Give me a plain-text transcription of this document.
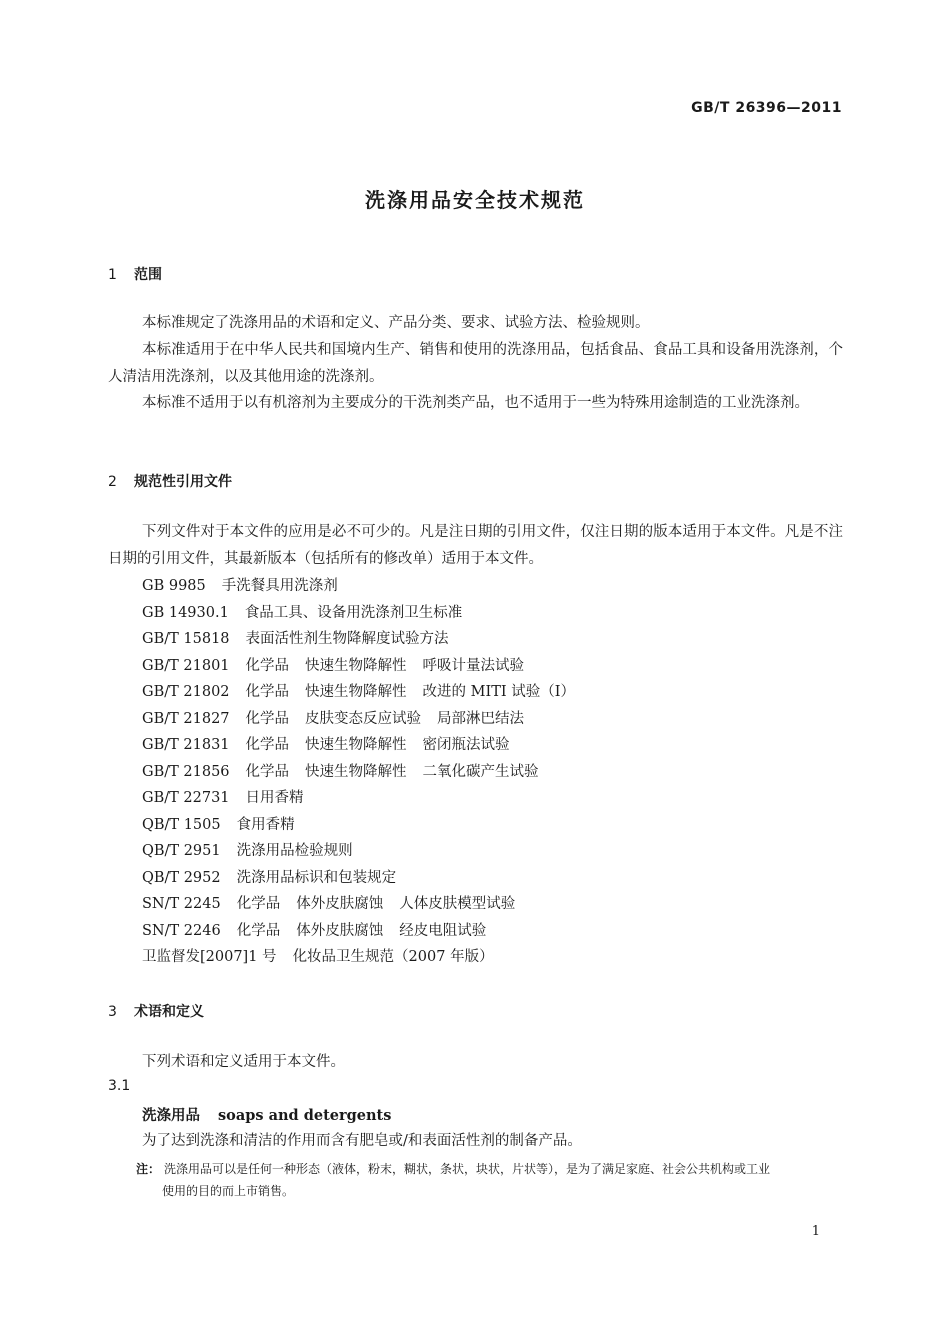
GB/T 26396—2011
洗涤用品安全技术规范
1 范围

本标准规定了洗涤用品的术语和定义、产品分类、要求、试验方法、检验规则。

本标准适用于在中华人民共和国境内生产、销售和使用的洗涤用品，包括食品、食品工具和设备用洗涤剂，个人清洁用洗涤剂，以及其他用途的洗涤剂。

本标准不适用于以有机溶剂为主要成分的干洗剂类产品，也不适用于一些为特殊用途制造的工业洗涤剂。

2 规范性引用文件

下列文件对于本文件的应用是必不可少的。凡是注日期的引用文件，仅注日期的版本适用于本文件。凡是不注日期的引用文件，其最新版本（包括所有的修改单）适用于本文件。

GB 9985 手洗餐具用洗涤剂
GB 14930.1 食品工具、设备用洗涤剂卫生标准
GB/T 15818 表面活性剂生物降解度试验方法
GB/T 21801 化学品 快速生物降解性 呼吸计量法试验
GB/T 21802 化学品 快速生物降解性 改进的 MITI 试验（I）
GB/T 21827 化学品 皮肤变态反应试验 局部淋巴结法
GB/T 21831 化学品 快速生物降解性 密闭瓶法试验
GB/T 21856 化学品 快速生物降解性 二氧化碳产生试验
GB/T 22731 日用香精
QB/T 1505 食用香精
QB/T 2951 洗涤用品检验规则
QB/T 2952 洗涤用品标识和包装规定
SN/T 2245 化学品 体外皮肤腐蚀 人体皮肤模型试验
SN/T 2246 化学品 体外皮肤腐蚀 经皮电阻试验
卫监督发[2007]1 号 化妆品卫生规范（2007 年版）
3 术语和定义

下列术语和定义适用于本文件。

3.1
洗涤用品 soaps and detergents
为了达到洗涤和清洁的作用而含有肥皂或/和表面活性剂的制备产品。
注： 洗涤用品可以是任何一种形态（液体，粉末，糊状，条状，块状，片状等），是为了满足家庭、社会公共机构或工业
使用的目的而上市销售。
1
